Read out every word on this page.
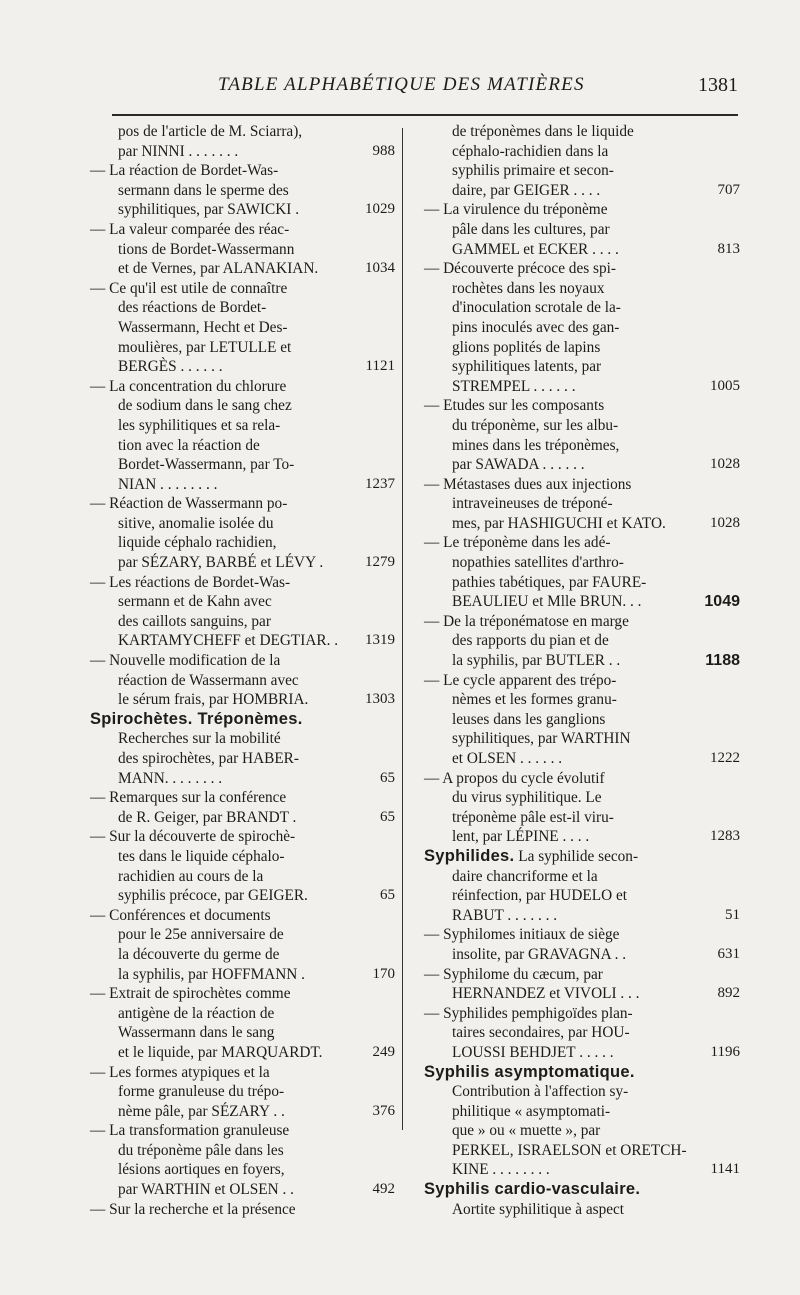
TABLE ALPHABÉTIQUE DES MATIÈRES	1381
pos de l'article de M. Sciarra),
par NINNI . . . . . . .	988
— La réaction de Bordet-Was-
sermann dans le sperme des
syphilitiques, par SAWICKI .	1029
— La valeur comparée des réac-
tions de Bordet-Wassermann
et de Vernes, par ALANAKIAN.	1034
— Ce qu'il est utile de connaître
des réactions de Bordet-
Wassermann, Hecht et Des-
moulières, par LETULLE et
BERGÈS . . . . . .	1121
— La concentration du chlorure
de sodium dans le sang chez
les syphilitiques et sa rela-
tion avec la réaction de
Bordet-Wassermann, par To-
NIAN . . . . . . . .	1237
— Réaction de Wassermann po-
sitive, anomalie isolée du
liquide céphalo rachidien,
par SÉZARY, BARBÉ et LÉVY .	1279
— Les réactions de Bordet-Was-
sermann et de Kahn avec
des caillots sanguins, par
KARTAMYCHEFF et DEGTIAR. .	1319
— Nouvelle modification de la
réaction de Wassermann avec
le sérum frais, par HOMBRIA.	1303
Spirochètes. Tréponèmes.
Recherches sur la mobilité
des spirochètes, par HABER-
MANN. . . . . . . .	65
— Remarques sur la conférence
de R. Geiger, par BRANDT .	65
— Sur la découverte de spirochè-
tes dans le liquide céphalo-
rachidien au cours de la
syphilis précoce, par GEIGER.	65
— Conférences et documents
pour le 25e anniversaire de
la découverte du germe de
la syphilis, par HOFFMANN .	170
— Extrait de spirochètes comme
antigène de la réaction de
Wassermann dans le sang
et le liquide, par MARQUARDT.	249
— Les formes atypiques et la
forme granuleuse du trépo-
nème pâle, par SÉZARY . .	376
— La transformation granuleuse
du tréponème pâle dans les
lésions aortiques en foyers,
par WARTHIN et OLSEN . .	492
— Sur la recherche et la présence
de tréponèmes dans le liquide
céphalo-rachidien dans la
syphilis primaire et secon-
daire, par GEIGER . . . .	707
— La virulence du tréponème
pâle dans les cultures, par
GAMMEL et ECKER . . . .	813
— Découverte précoce des spi-
rochètes dans les noyaux
d'inoculation scrotale de la-
pins inoculés avec des gan-
glions poplités de lapins
syphilitiques latents, par
STREMPEL . . . . . .	1005
— Etudes sur les composants
du tréponème, sur les albu-
mines dans les tréponèmes,
par SAWADA . . . . . .	1028
— Métastases dues aux injections
intraveineuses de tréponé-
mes, par HASHIGUCHI et KATO.	1028
— Le tréponème dans les adé-
nopathies satellites d'arthro-
pathies tabétiques, par FAURE-
BEAULIEU et Mlle BRUN. . .	1049
— De la tréponématose en marge
des rapports du pian et de
la syphilis, par BUTLER . .	1188
— Le cycle apparent des trépo-
nèmes et les formes granu-
leuses dans les ganglions
syphilitiques, par WARTHIN
et OLSEN . . . . . .	1222
— A propos du cycle évolutif
du virus syphilitique. Le
tréponème pâle est-il viru-
lent, par LÉPINE . . . .	1283
Syphilides. La syphilide secon-
daire chancriforme et la
réinfection, par HUDELO et
RABUT . . . . . . .	51
— Syphilomes initiaux de siège
insolite, par GRAVAGNA . .	631
— Syphilome du cæcum, par
HERNANDEZ et VIVOLI . . .	892
— Syphilides pemphigoïdes plan-
taires secondaires, par HOU-
LOUSSI BEHDJET . . . . .	1196
Syphilis asymptomatique.
Contribution à l'affection sy-
philitique « asymptomati-
que » ou « muette », par
PERKEL, ISRAELSON et ORETCH-
KINE . . . . . . . .	1141
Syphilis cardio-vasculaire.
Aortite syphilitique à aspect
